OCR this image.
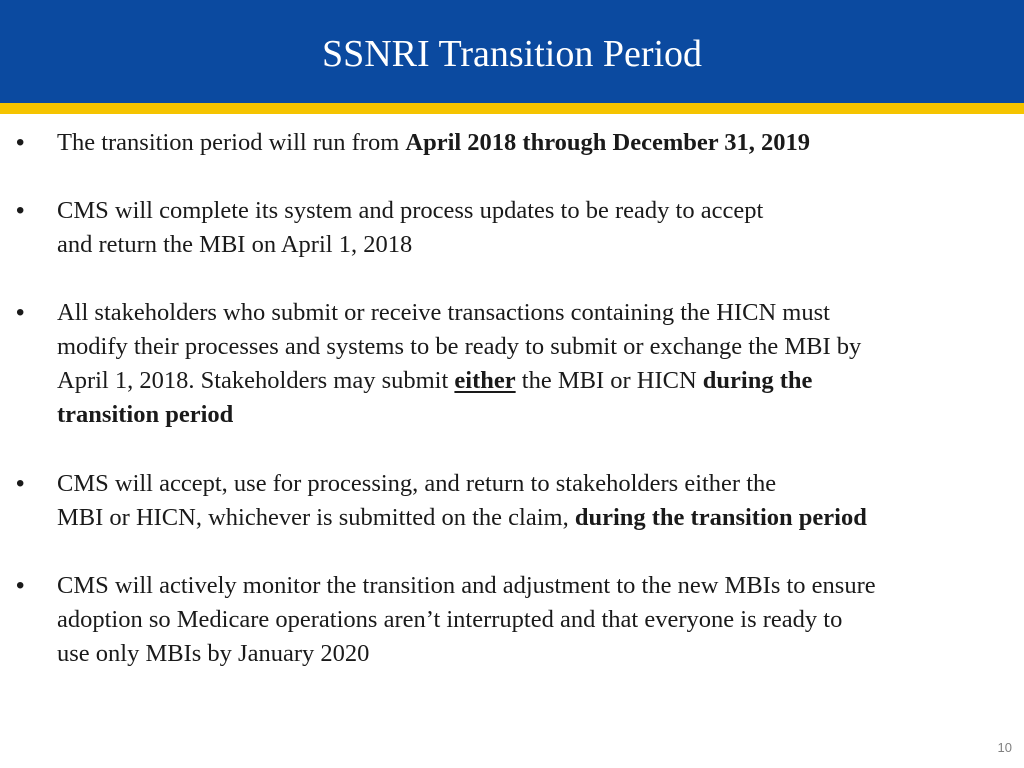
SSNRI Transition Period
• The transition period will run from April 2018 through December 31, 2019
• CMS will complete its system and process updates to be ready to accept
and return the MBI on April 1, 2018
• All stakeholders who submit or receive transactions containing the HICN must
modify their processes and systems to be ready to submit or exchange the MBI by
April 1, 2018. Stakeholders may submit either the MBI or HICN during the
transition period
• CMS will accept, use for processing, and return to stakeholders either the
MBI or HICN, whichever is submitted on the claim, during the transition period
• CMS will actively monitor the transition and adjustment to the new MBIs to ensure
adoption so Medicare operations aren’t interrupted and that everyone is ready to
use only MBIs by January 2020
10
